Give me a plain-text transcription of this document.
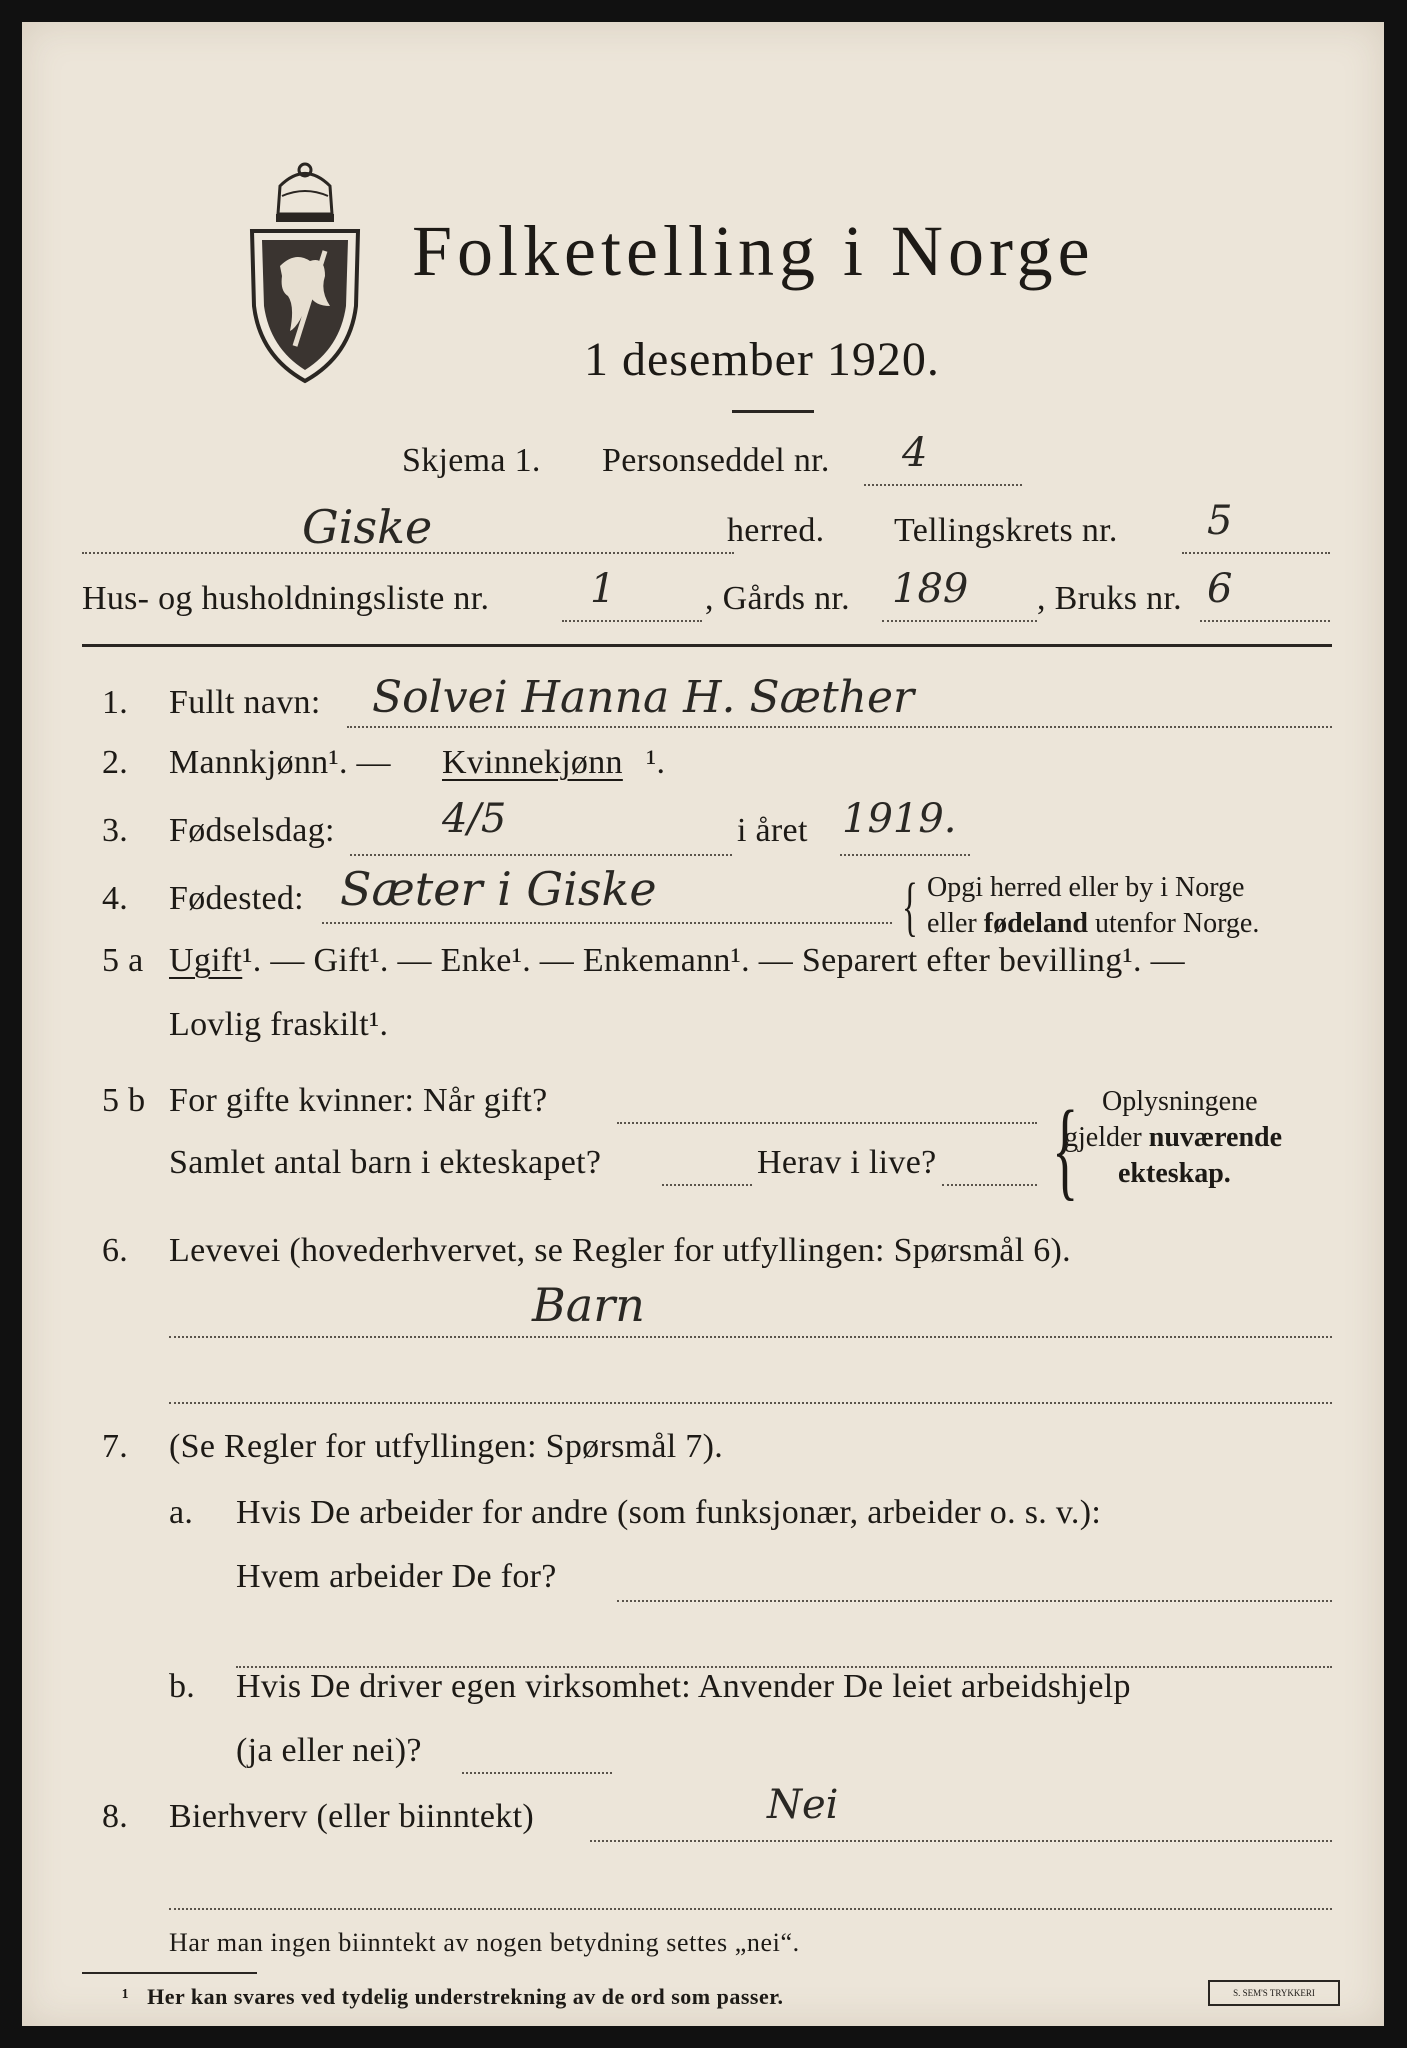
Folketelling i Norge
1 desember 1920.
Skjema 1. Personseddel nr. 4
Giske	herred. Tellingskrets nr. 5
Hus- og husholdningsliste nr.	1	, Gårds nr. 189 , Bruks nr. 6
1. Fullt navn: Solvei Hanna H. Sæther
2. Mannkjønn¹. — Kvinnekjønn ¹.
3. Fødselsdag:	4/5	i året 1919.
4. Fødested: Sæter i Giske	{ Opgi herred eller by i Norge
eller fødeland utenfor Norge.
5 a Ugift¹. — Gift¹. — Enke¹. — Enkemann¹. — Separert efter bevilling¹. —
Lovlig fraskilt¹.
5 b For gifte kvinner: Når gift?
Samlet antal barn i ekteskapet?	Herav i live? { Oplysningene
gjelder nuværende
ekteskap.
6. Levevei (hovederhvervet, se Regler for utfyllingen: Spørsmål 6).
Barn
7. (Se Regler for utfyllingen: Spørsmål 7).
a. Hvis De arbeider for andre (som funksjonær, arbeider o. s. v.):
Hvem arbeider De for?
b. Hvis De driver egen virksomhet: Anvender De leiet arbeidshjelp
(ja eller nei)?
8. Bierhverv (eller biinntekt)	Nei
Har man ingen biinntekt av nogen betydning settes „nei“.
¹ Her kan svares ved tydelig understrekning av de ord som passer.	S. SEM'S TRYKKERI
